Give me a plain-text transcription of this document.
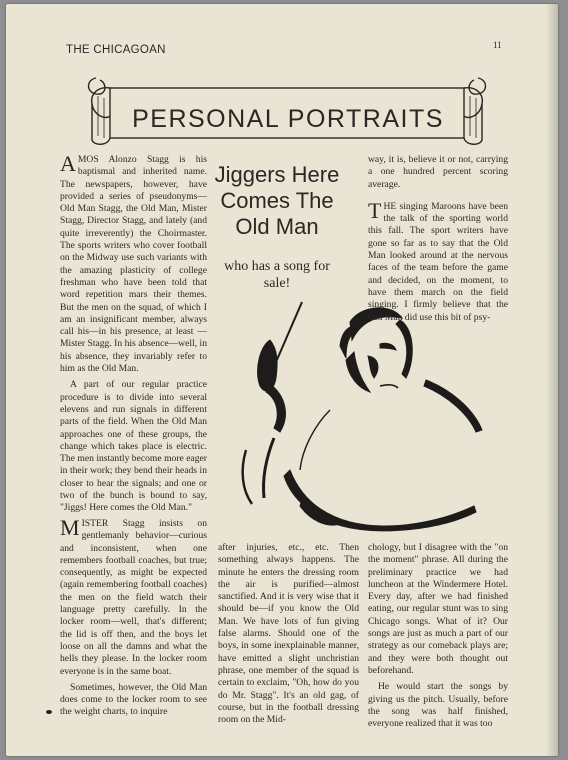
THE CHICAGOAN	11
PERSONAL PORTRAITS

AMOS Alonzo Stagg is his baptismal and inherited name. The newspapers, however, have provided a series of pseudonyms—Old Man Stagg, the Old Man, Mister Stagg, Director Stagg, and lately (and quite irreverently) the Choirmaster. The sports writers who cover football on the Midway use such variants with the amazing plasticity of college freshman who have been told that word repetition mars their themes. But the men on the squad, of which I am an insignificant member, always call his—in his presence, at least — Mister Stagg. In his absence—well, in his absence, they invariably refer to him as the Old Man.

A part of our regular practice procedure is to divide into several elevens and run signals in different parts of the field. When the Old Man approaches one of these groups, the change which takes place is electric. The men instantly become more eager in their work; they bend their heads in closer to hear the signals; and one or two of the bunch is bound to say, "Jiggs! Here comes the Old Man."

MISTER Stagg insists on gentlemanly behavior—curious and inconsistent, when one remembers football coaches, but true; consequently, as might be expected (again remembering football coaches) the men on the field watch their language pretty carefully. In the locker room—well, that's different; the lid is off then, and the boys let loose on all the damns and what the hells they please. In the locker room everyone is in the same boat.

Sometimes, however, the Old Man does come to the locker room to see the weight charts, to inquire

Jiggers Here Comes The Old Man
who has a song for sale!

after injuries, etc., etc. Then something always happens. The minute he enters the dressing room the air is purified—almost sanctified. And it is very wise that it should be—if you know the Old Man. We have lots of fun giving false alarms. Should one of the boys, in some inexplainable manner, have emitted a slight unchristian phrase, one member of the squad is certain to exclaim, "Oh, how do you do Mr. Stagg". It's an old gag, of course, but in the football dressing room on the Mid-

way, it is, believe it or not, carrying a one hundred percent scoring average.

THE singing Maroons have been the talk of the sporting world this fall. The sport writers have gone so far as to say that the Old Man looked around at the nervous faces of the team before the game and decided, on the moment, to have them march on the field singing. I firmly believe that the Old Man did use this bit of psy-

chology, but I disagree with the "on the moment" phrase. All during the preliminary practice we had luncheon at the Windermere Hotel. Every day, after we had finished eating, our regular stunt was to sing Chicago songs. What of it? Our songs are just as much a part of our strategy as our comeback plays are; and they were both thought out beforehand.

He would start the songs by giving us the pitch. Usually, before the song was half finished, everyone realized that it was too
